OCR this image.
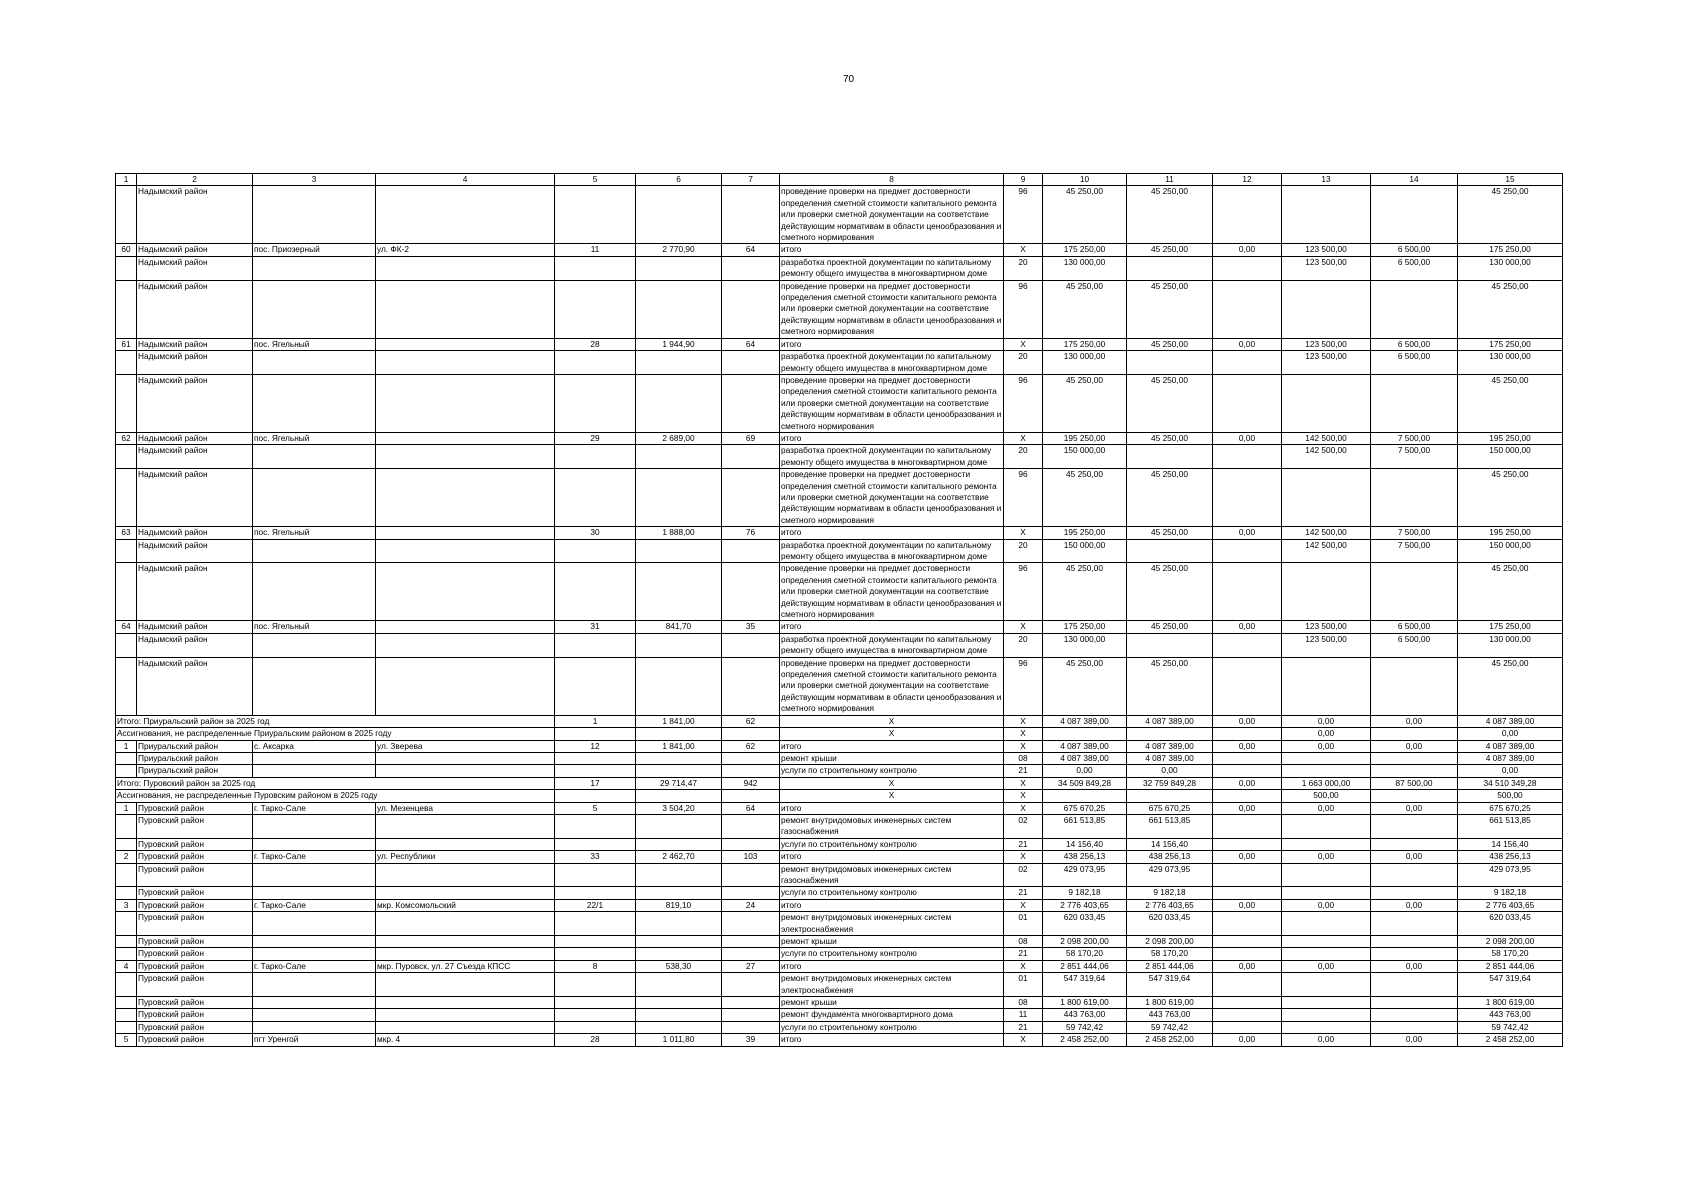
70
1	2	3	4	5	6	7	8	9	10	11	12	13	14	15
	Надымский район						проведение проверки на предмет достоверности определения сметной стоимости капитального ремонта или проверки сметной документации на соответствие действующим нормативам в области ценообразования и сметного нормирования	96	45 250,00	45 250,00				45 250,00
60	Надымский район	пос. Приозерный	ул. ФК-2	11	2 770,90	64	итого	X	175 250,00	45 250,00	0,00	123 500,00	6 500,00	175 250,00
	Надымский район						разработка проектной документации по капитальному ремонту общего имущества в многоквартирном доме	20	130 000,00			123 500,00	6 500,00	130 000,00
	Надымский район						проведение проверки на предмет достоверности определения сметной стоимости капитального ремонта или проверки сметной документации на соответствие действующим нормативам в области ценообразования и сметного нормирования	96	45 250,00	45 250,00				45 250,00
61	Надымский район	пос. Ягельный		28	1 944,90	64	итого	X	175 250,00	45 250,00	0,00	123 500,00	6 500,00	175 250,00
	Надымский район						разработка проектной документации по капитальному ремонту общего имущества в многоквартирном доме	20	130 000,00			123 500,00	6 500,00	130 000,00
	Надымский район						проведение проверки на предмет достоверности определения сметной стоимости капитального ремонта или проверки сметной документации на соответствие действующим нормативам в области ценообразования и сметного нормирования	96	45 250,00	45 250,00				45 250,00
62	Надымский район	пос. Ягельный		29	2 689,00	69	итого	X	195 250,00	45 250,00	0,00	142 500,00	7 500,00	195 250,00
	Надымский район						разработка проектной документации по капитальному ремонту общего имущества в многоквартирном доме	20	150 000,00			142 500,00	7 500,00	150 000,00
	Надымский район						проведение проверки на предмет достоверности определения сметной стоимости капитального ремонта или проверки сметной документации на соответствие действующим нормативам в области ценообразования и сметного нормирования	96	45 250,00	45 250,00				45 250,00
63	Надымский район	пос. Ягельный		30	1 888,00	76	итого	X	195 250,00	45 250,00	0,00	142 500,00	7 500,00	195 250,00
	Надымский район						разработка проектной документации по капитальному ремонту общего имущества в многоквартирном доме	20	150 000,00			142 500,00	7 500,00	150 000,00
	Надымский район						проведение проверки на предмет достоверности определения сметной стоимости капитального ремонта или проверки сметной документации на соответствие действующим нормативам в области ценообразования и сметного нормирования	96	45 250,00	45 250,00				45 250,00
64	Надымский район	пос. Ягельный		31	841,70	35	итого	X	175 250,00	45 250,00	0,00	123 500,00	6 500,00	175 250,00
	Надымский район						разработка проектной документации по капитальному ремонту общего имущества в многоквартирном доме	20	130 000,00			123 500,00	6 500,00	130 000,00
	Надымский район						проведение проверки на предмет достоверности определения сметной стоимости капитального ремонта или проверки сметной документации на соответствие действующим нормативам в области ценообразования и сметного нормирования	96	45 250,00	45 250,00				45 250,00
Итого: Приуральский район за 2025 год				1	1 841,00	62	X	X	4 087 389,00	4 087 389,00	0,00	0,00	0,00	4 087 389,00
Ассигнования, не распределенные Приуральским районом в 2025 году							X	X				0,00		0,00
1	Приуральский район	с. Аксарка	ул. Зверева	12	1 841,00	62	итого	X	4 087 389,00	4 087 389,00	0,00	0,00	0,00	4 087 389,00
	Приуральский район						ремонт крыши	08	4 087 389,00	4 087 389,00				4 087 389,00
	Приуральский район						услуги по строительному контролю	21	0,00	0,00				0,00
Итого: Пуровский район за 2025 год				17	29 714,47	942	X	X	34 509 849,28	32 759 849,28	0,00	1 663 000,00	87 500,00	34 510 349,28
Ассигнования, не распределенные Пуровским районом в 2025 году							X	X				500,00		500,00
1	Пуровский район	г. Тарко-Сале	ул. Мезенцева	5	3 504,20	64	итого	X	675 670,25	675 670,25	0,00	0,00	0,00	675 670,25
	Пуровский район						ремонт внутридомовых инженерных систем газоснабжения	02	661 513,85	661 513,85				661 513,85
	Пуровский район						услуги по строительному контролю	21	14 156,40	14 156,40				14 156,40
2	Пуровский район	г. Тарко-Сале	ул. Республики	33	2 462,70	103	итого	X	438 256,13	438 256,13	0,00	0,00	0,00	438 256,13
	Пуровский район						ремонт внутридомовых инженерных систем газоснабжения	02	429 073,95	429 073,95				429 073,95
	Пуровский район						услуги по строительному контролю	21	9 182,18	9 182,18				9 182,18
3	Пуровский район	г. Тарко-Сале	мкр. Комсомольский	22/1	819,10	24	итого	X	2 776 403,65	2 776 403,65	0,00	0,00	0,00	2 776 403,65
	Пуровский район						ремонт внутридомовых инженерных систем электроснабжения	01	620 033,45	620 033,45				620 033,45
	Пуровский район						ремонт крыши	08	2 098 200,00	2 098 200,00				2 098 200,00
	Пуровский район						услуги по строительному контролю	21	58 170,20	58 170,20				58 170,20
4	Пуровский район	г. Тарко-Сале	мкр. Пуровск, ул. 27 Съезда КПСС	8	538,30	27	итого	X	2 851 444,06	2 851 444,06	0,00	0,00	0,00	2 851 444,06
	Пуровский район						ремонт внутридомовых инженерных систем электроснабжения	01	547 319,64	547 319,64				547 319,64
	Пуровский район						ремонт крыши	08	1 800 619,00	1 800 619,00				1 800 619,00
	Пуровский район						ремонт фундамента многоквартирного дома	11	443 763,00	443 763,00				443 763,00
	Пуровский район						услуги по строительному контролю	21	59 742,42	59 742,42				59 742,42
5	Пуровский район	пгт Уренгой	мкр. 4	28	1 011,80	39	итого	X	2 458 252,00	2 458 252,00	0,00	0,00	0,00	2 458 252,00
